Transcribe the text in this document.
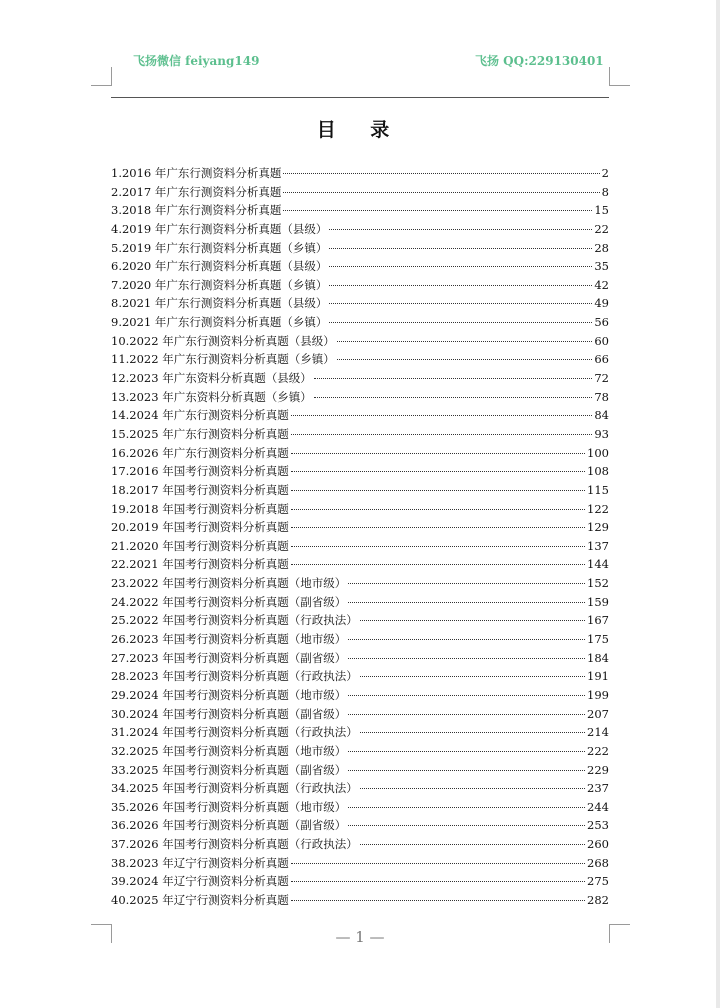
飞扬微信 feiyang149	飞扬 QQ:229130401
目 录
1.2016 年广东行测资料分析真题	2
2.2017 年广东行测资料分析真题	8
3.2018 年广东行测资料分析真题	15
4.2019 年广东行测资料分析真题（县级）	22
5.2019 年广东行测资料分析真题（乡镇）	28
6.2020 年广东行测资料分析真题（县级）	35
7.2020 年广东行测资料分析真题（乡镇）	42
8.2021 年广东行测资料分析真题（县级）	49
9.2021 年广东行测资料分析真题（乡镇）	56
10.2022 年广东行测资料分析真题（县级）	60
11.2022 年广东行测资料分析真题（乡镇）	66
12.2023 年广东资料分析真题（县级）	72
13.2023 年广东资料分析真题（乡镇）	78
14.2024 年广东行测资料分析真题	84
15.2025 年广东行测资料分析真题	93
16.2026 年广东行测资料分析真题	100
17.2016 年国考行测资料分析真题	108
18.2017 年国考行测资料分析真题	115
19.2018 年国考行测资料分析真题	122
20.2019 年国考行测资料分析真题	129
21.2020 年国考行测资料分析真题	137
22.2021 年国考行测资料分析真题	144
23.2022 年国考行测资料分析真题（地市级）	152
24.2022 年国考行测资料分析真题（副省级）	159
25.2022 年国考行测资料分析真题（行政执法）	167
26.2023 年国考行测资料分析真题（地市级）	175
27.2023 年国考行测资料分析真题（副省级）	184
28.2023 年国考行测资料分析真题（行政执法）	191
29.2024 年国考行测资料分析真题（地市级）	199
30.2024 年国考行测资料分析真题（副省级）	207
31.2024 年国考行测资料分析真题（行政执法）	214
32.2025 年国考行测资料分析真题（地市级）	222
33.2025 年国考行测资料分析真题（副省级）	229
34.2025 年国考行测资料分析真题（行政执法）	237
35.2026 年国考行测资料分析真题（地市级）	244
36.2026 年国考行测资料分析真题（副省级）	253
37.2026 年国考行测资料分析真题（行政执法）	260
38.2023 年辽宁行测资料分析真题	268
39.2024 年辽宁行测资料分析真题	275
40.2025 年辽宁行测资料分析真题	282
— 1 —
